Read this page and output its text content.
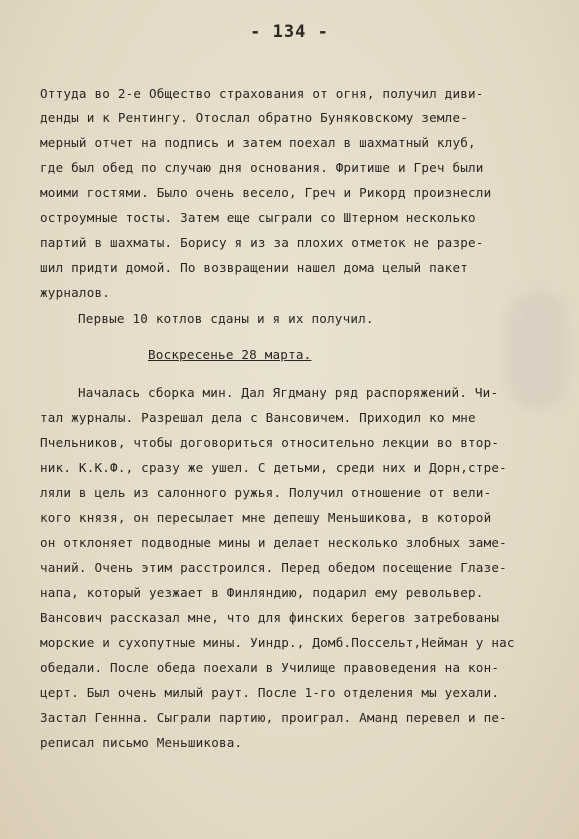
- 134 -
Оттуда во 2-е Общество страхования от огня, получил диви-
денды и к Рентингу. Отослал обратно Буняковскому земле-
мерный отчет на подпись и затем поехал в шахматный клуб,
где был обед по случаю дня основания. Фритише и Греч были
моими гостями. Было очень весело, Греч и Рикорд произнесли
остроумные тосты. Затем еще сыграли со Штерном несколько
партий в шахматы. Борису я из за плохих отметок не разре-
шил придти домой. По возвращении нашел дома целый пакет
журналов.
Первые 10 котлов сданы и я их получил.
Воскресенье 28 марта.
Началась сборка мин. Дал Ягдману ряд распоряжений. Чи-
тал журналы. Разрешал дела с Вансовичем. Приходил ко мне
Пчельников, чтобы договориться относительно лекции во втор-
ник. К.К.Ф., сразу же ушел. С детьми, среди них и Дорн,стре-
ляли в цель из салонного ружья. Получил отношение от вели-
кого князя, он пересылает мне депешу Меньшикова, в которой
он отклоняет подводные мины и делает несколько злобных заме-
чаний. Очень этим расстроился. Перед обедом посещение Глазе-
напа, который уезжает в Финляндию, подарил ему револьвер.
Вансович рассказал мне, что для финских берегов затребованы
морские и сухопутные мины. Уиндр., Домб.Поссельт,Нейман у нас
обедали. После обеда поехали в Училище правоведения на кон-
церт. Был очень милый раут. После 1-го отделения мы уехали.
Застал Геннна. Сыграли партию, проиграл. Аманд перевел и пе-
реписал письмо Меньшикова.
